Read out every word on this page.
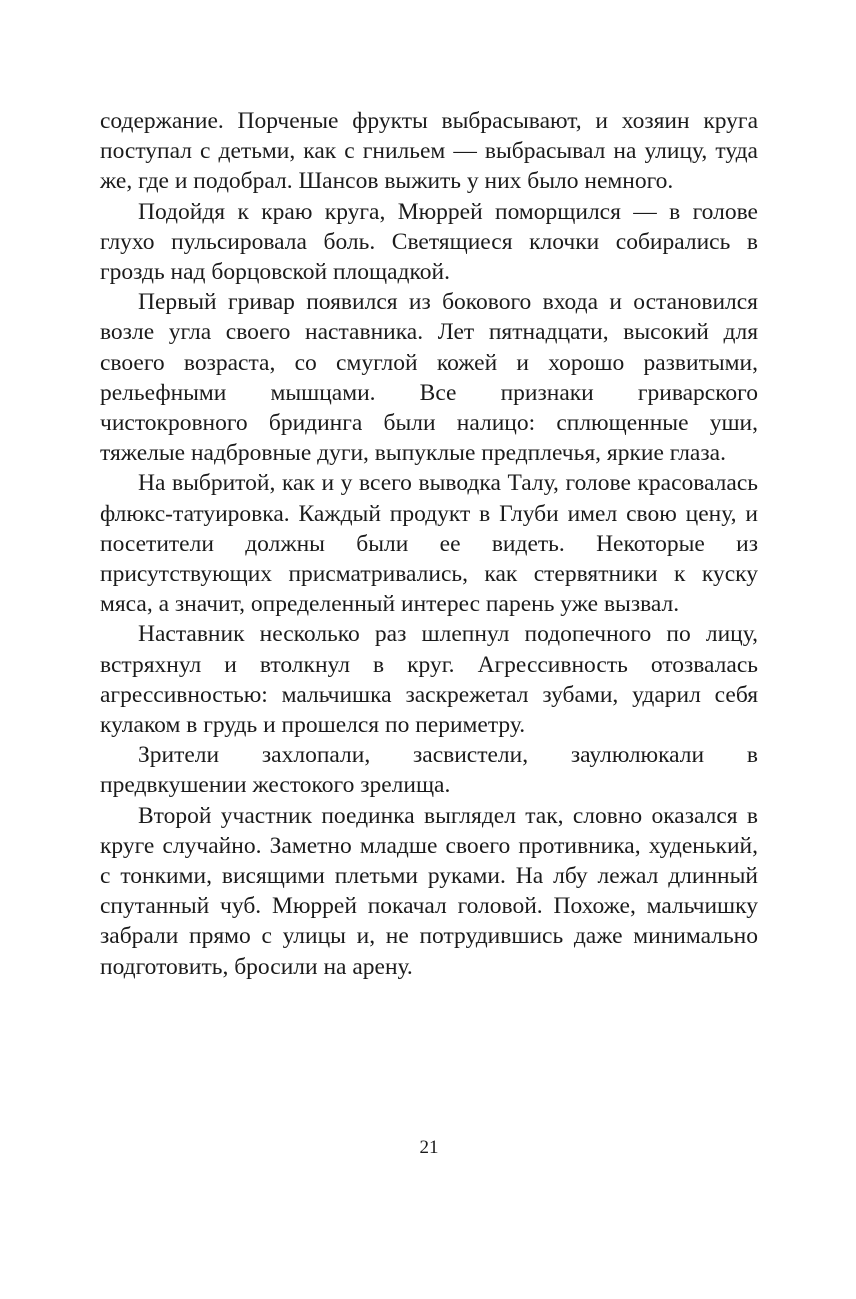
содержание. Порченые фрукты выбрасывают, и хозяин круга поступал с детьми, как с гнильем — выбрасывал на улицу, туда же, где и подобрал. Шансов выжить у них было немного.

Подойдя к краю круга, Мюррей поморщился — в голове глухо пульсировала боль. Светящиеся клочки собирались в гроздь над борцовской площадкой.

Первый гривар появился из бокового входа и остановился возле угла своего наставника. Лет пятнадцати, высокий для своего возраста, со смуглой кожей и хорошо развитыми, рельефными мышцами. Все признаки гриварского чистокровного бридинга были налицо: сплющенные уши, тяжелые надбровные дуги, выпуклые предплечья, яркие глаза.

На выбритой, как и у всего выводка Талу, голове красовалась флюкс-татуировка. Каждый продукт в Глуби имел свою цену, и посетители должны были ее видеть. Некоторые из присутствующих присматривались, как стервятники к куску мяса, а значит, определенный интерес парень уже вызвал.

Наставник несколько раз шлепнул подопечного по лицу, встряхнул и втолкнул в круг. Агрессивность отозвалась агрессивностью: мальчишка заскрежетал зубами, ударил себя кулаком в грудь и прошелся по периметру.

Зрители захлопали, засвистели, заулюлюкали в предвкушении жестокого зрелища.

Второй участник поединка выглядел так, словно оказался в круге случайно. Заметно младше своего противника, худенький, с тонкими, висящими плетьми руками. На лбу лежал длинный спутанный чуб. Мюррей покачал головой. Похоже, мальчишку забрали прямо с улицы и, не потрудившись даже минимально подготовить, бросили на арену.

21
